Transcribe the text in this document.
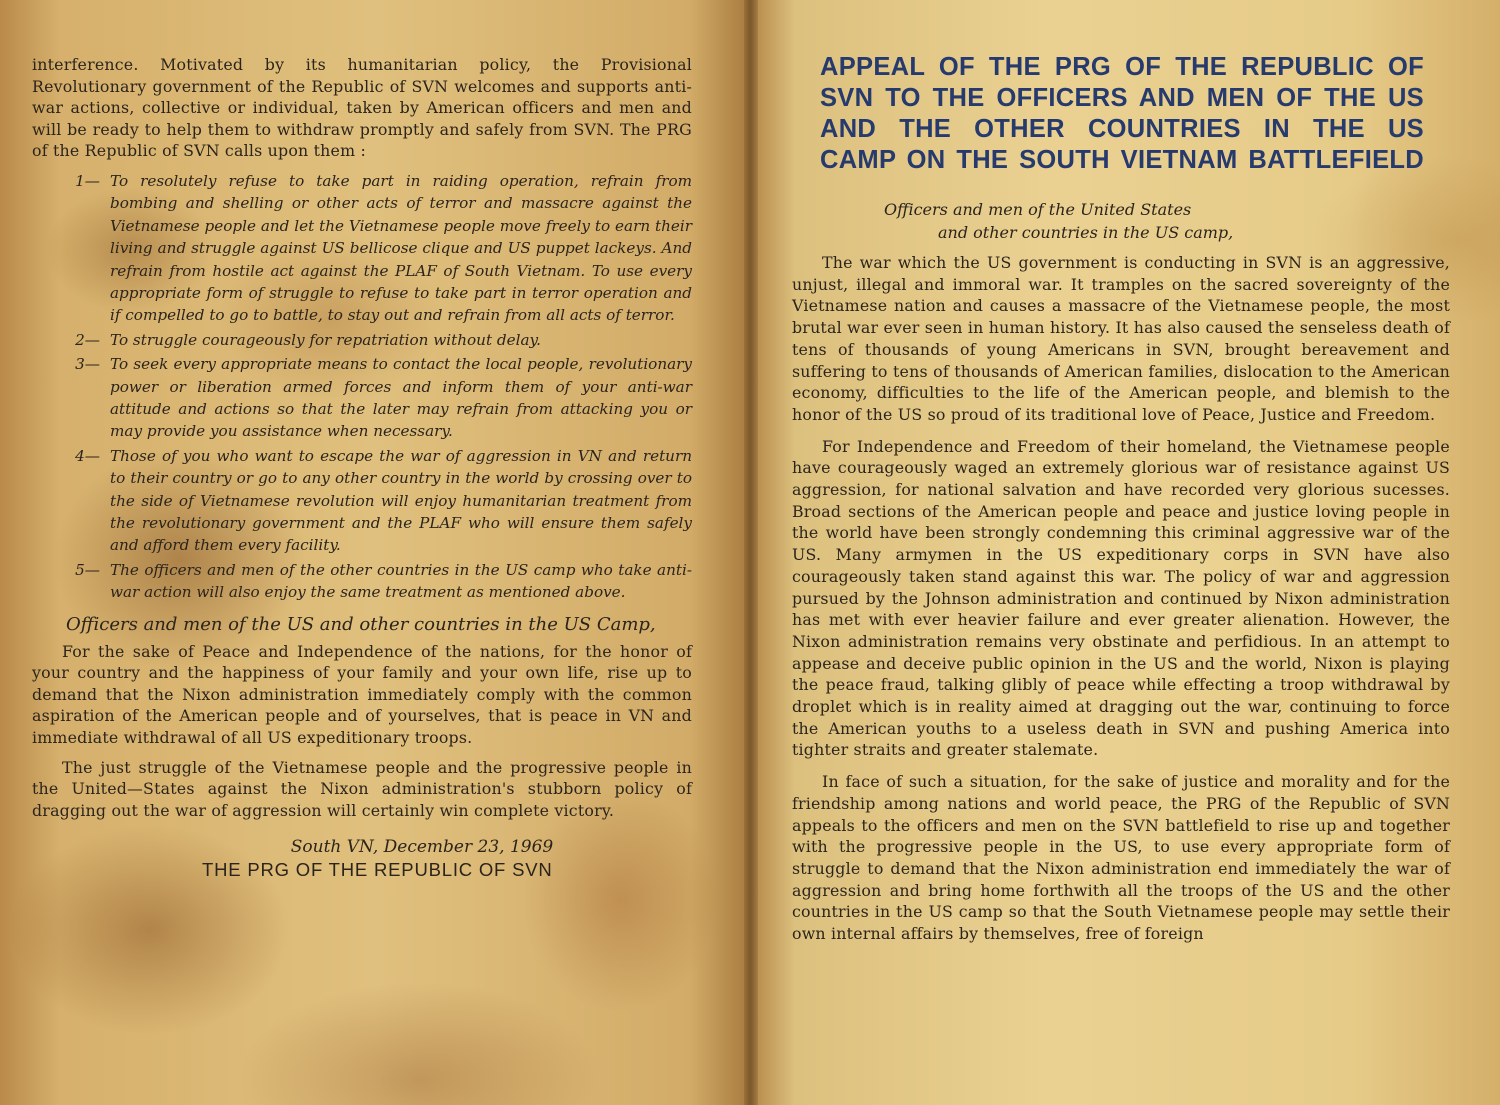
interference. Motivated by its humanitarian policy, the Provisional Revolutionary government of the Republic of SVN welcomes and supports anti-war actions, collective or individual, taken by American officers and men and will be ready to help them to withdraw promptly and safely from SVN. The PRG of the Republic of SVN calls upon them :

1— To resolutely refuse to take part in raiding operation, refrain from bombing and shelling or other acts of terror and massacre against the Vietnamese people and let the Vietnamese people move freely to earn their living and struggle against US bellicose clique and US puppet lackeys. And refrain from hostile act against the PLAF of South Vietnam. To use every appropriate form of struggle to refuse to take part in terror operation and if compelled to go to battle, to stay out and refrain from all acts of terror.
2— To struggle courageously for repatriation without delay.
3— To seek every appropriate means to contact the local people, revolutionary power or liberation armed forces and inform them of your anti-war attitude and actions so that the later may refrain from attacking you or may provide you assistance when necessary.
4— Those of you who want to escape the war of aggression in VN and return to their country or go to any other country in the world by crossing over to the side of Vietnamese revolution will enjoy humanitarian treatment from the revolutionary government and the PLAF who will ensure them safely and afford them every facility.
5— The officers and men of the other countries in the US camp who take anti-war action will also enjoy the same treatment as mentioned above.

Officers and men of the US and other countries in the US Camp,

For the sake of Peace and Independence of the nations, for the honor of your country and the happiness of your family and your own life, rise up to demand that the Nixon administration immediately comply with the common aspiration of the American people and of yourselves, that is peace in VN and immediate withdrawal of all US expeditionary troops.

The just struggle of the Vietnamese people and the progressive people in the United—States against the Nixon administration's stubborn policy of dragging out the war of aggression will certainly win complete victory.

South VN, December 23, 1969

THE PRG OF THE REPUBLIC OF SVN

APPEAL OF THE PRG OF THE REPUBLIC OF
SVN TO THE OFFICERS AND MEN OF THE US
AND THE OTHER COUNTRIES IN THE US
CAMP ON THE SOUTH VIETNAM BATTLEFIELD

Officers and men of the United States

and other countries in the US camp,

The war which the US government is conducting in SVN is an aggressive, unjust, illegal and immoral war. It tramples on the sacred sovereignty of the Vietnamese nation and causes a massacre of the Vietnamese people, the most brutal war ever seen in human history. It has also caused the senseless death of tens of thousands of young Americans in SVN, brought bereavement and suffering to tens of thousands of American families, dislocation to the American economy, difficulties to the life of the American people, and blemish to the honor of the US so proud of its traditional love of Peace, Justice and Freedom.

For Independence and Freedom of their homeland, the Vietnamese people have courageously waged an extremely glorious war of resistance against US aggression, for national salvation and have recorded very glorious sucesses. Broad sections of the American people and peace and justice loving people in the world have been strongly condemning this criminal aggressive war of the US. Many armymen in the US expeditionary corps in SVN have also courageously taken stand against this war. The policy of war and aggression pursued by the Johnson administration and continued by Nixon administration has met with ever heavier failure and ever greater alienation. However, the Nixon administration remains very obstinate and perfidious. In an attempt to appease and deceive public opinion in the US and the world, Nixon is playing the peace fraud, talking glibly of peace while effecting a troop withdrawal by droplet which is in reality aimed at dragging out the war, continuing to force the American youths to a useless death in SVN and pushing America into tighter straits and greater stalemate.

In face of such a situation, for the sake of justice and morality and for the friendship among nations and world peace, the PRG of the Republic of SVN appeals to the officers and men on the SVN battlefield to rise up and together with the progressive people in the US, to use every appropriate form of struggle to demand that the Nixon administration end immediately the war of aggression and bring home forthwith all the troops of the US and the other countries in the US camp so that the South Vietnamese people may settle their own internal affairs by themselves, free of foreign
